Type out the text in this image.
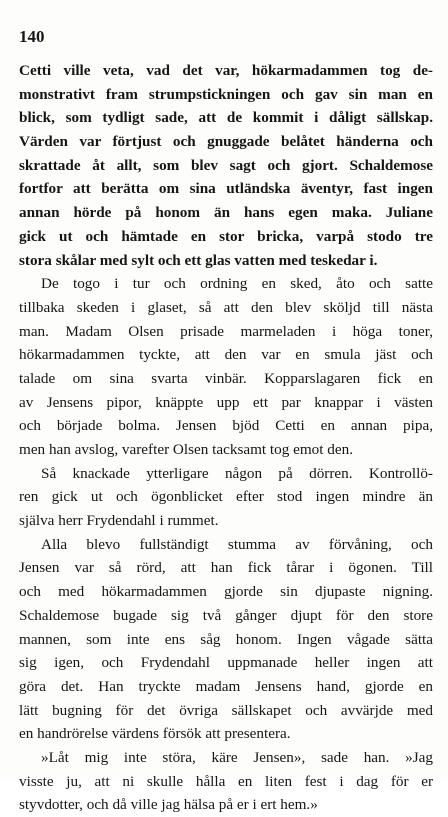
140
Cetti ville veta, vad det var, hökarmadammen tog de-
monstrativt fram strumpstickningen och gav sin man en
blick, som tydligt sade, att de kommit i dåligt sällskap.
Värden var förtjust och gnuggade belåtet händerna och
skrattade åt allt, som blev sagt och gjort. Schaldemose
fortfor att berätta om sina utländska äventyr, fast ingen
annan hörde på honom än hans egen maka. Juliane
gick ut och hämtade en stor bricka, varpå stodo tre
stora skålar med sylt och ett glas vatten med teskedar i.
De togo i tur och ordning en sked, åto och satte
tillbaka skeden i glaset, så att den blev sköljd till nästa
man. Madam Olsen prisade marmeladen i höga toner,
hökarmadammen tyckte, att den var en smula jäst och
talade om sina svarta vinbär. Kopparslagaren fick en
av Jensens pipor, knäppte upp ett par knappar i västen
och började bolma. Jensen bjöd Cetti en annan pipa,
men han avslog, varefter Olsen tacksamt tog emot den.
Så knackade ytterligare någon på dörren. Kontrollö-
ren gick ut och ögonblicket efter stod ingen mindre än
själva herr Frydendahl i rummet.
Alla blevo fullständigt stumma av förvåning, och
Jensen var så rörd, att han fick tårar i ögonen. Till
och med hökarmadammen gjorde sin djupaste nigning.
Schaldemose bugade sig två gånger djupt för den store
mannen, som inte ens såg honom. Ingen vågade sätta
sig igen, och Frydendahl uppmanade heller ingen att
göra det. Han tryckte madam Jensens hand, gjorde en
lätt bugning för det övriga sällskapet och avvärjde med
en handrörelse värdens försök att presentera.
»Låt mig inte störa, käre Jensen», sade han. »Jag
visste ju, att ni skulle hålla en liten fest i dag för er
styvdotter, och då ville jag hälsa på er i ert hem.»
